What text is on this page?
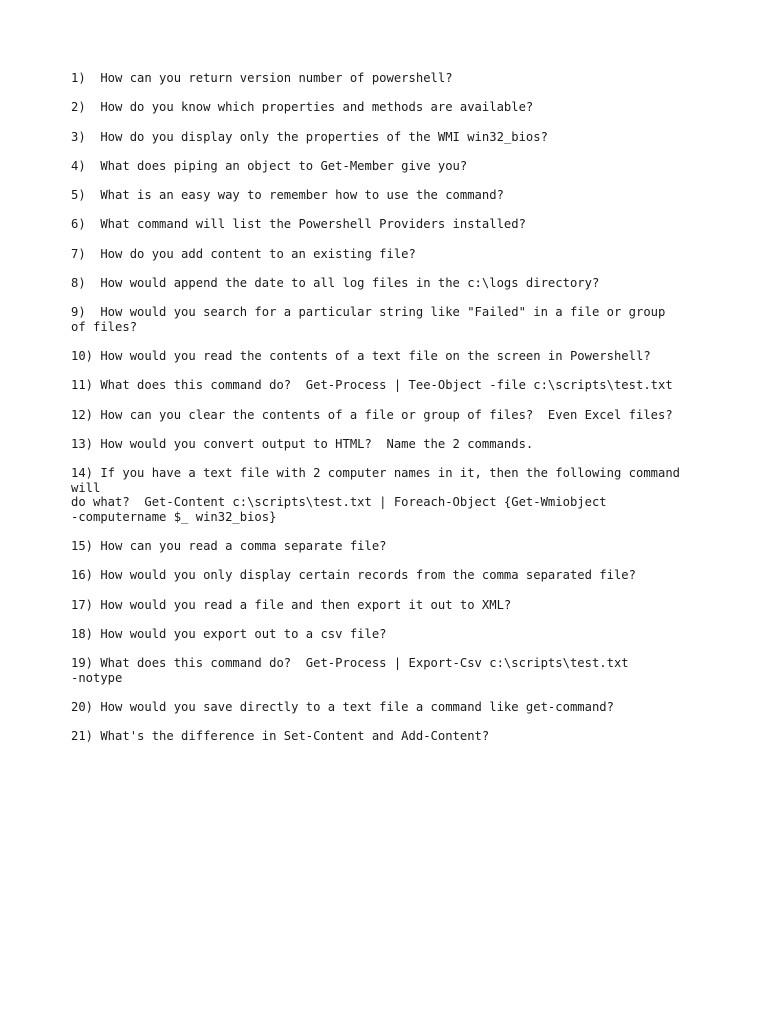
1)  How can you return version number of powershell?
2)  How do you know which properties and methods are available?
3)  How do you display only the properties of the WMI win32_bios?
4)  What does piping an object to Get-Member give you?
5)  What is an easy way to remember how to use the command?
6)  What command will list the Powershell Providers installed?
7)  How do you add content to an existing file?
8)  How would append the date to all log files in the c:\logs directory?
9)  How would you search for a particular string like "Failed" in a file or group
of files?
10) How would you read the contents of a text file on the screen in Powershell?
11) What does this command do?  Get-Process | Tee-Object -file c:\scripts\test.txt
12) How can you clear the contents of a file or group of files?  Even Excel files?
13) How would you convert output to HTML?  Name the 2 commands.
14) If you have a text file with 2 computer names in it, then the following command
will
do what?  Get-Content c:\scripts\test.txt | Foreach-Object {Get-Wmiobject
-computername $_ win32_bios}
15) How can you read a comma separate file?
16) How would you only display certain records from the comma separated file?
17) How would you read a file and then export it out to XML?
18) How would you export out to a csv file?
19) What does this command do?  Get-Process | Export-Csv c:\scripts\test.txt
-notype
20) How would you save directly to a text file a command like get-command?
21) What's the difference in Set-Content and Add-Content?
